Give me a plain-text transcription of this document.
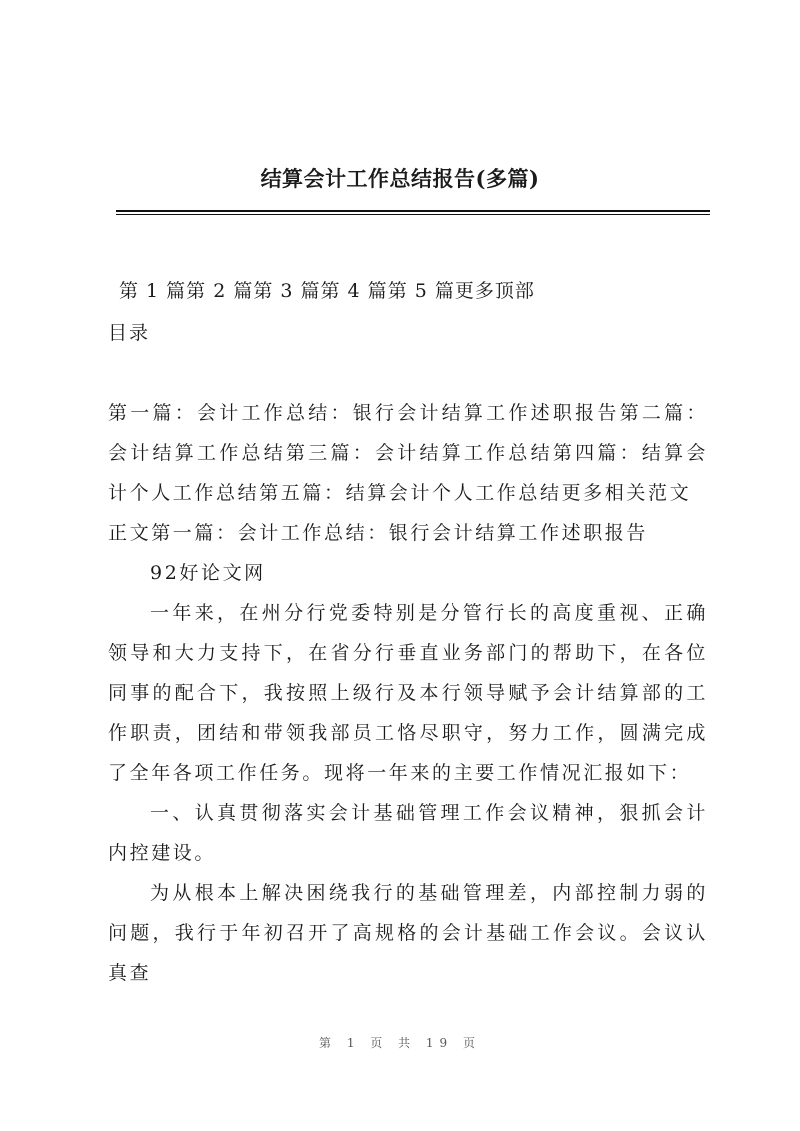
结算会计工作总结报告(多篇)
第 1 篇第 2 篇第 3 篇第 4 篇第 5 篇更多顶部
目录

第一篇：会计工作总结：银行会计结算工作述职报告第二篇：会计结算工作总结第三篇：会计结算工作总结第四篇：结算会计个人工作总结第五篇：结算会计个人工作总结更多相关范文

正文第一篇：会计工作总结：银行会计结算工作述职报告

92好论文网

一年来，在州分行党委特别是分管行长的高度重视、正确领导和大力支持下，在省分行垂直业务部门的帮助下，在各位同事的配合下，我按照上级行及本行领导赋予会计结算部的工作职责，团结和带领我部员工恪尽职守，努力工作，圆满完成了全年各项工作任务。现将一年来的主要工作情况汇报如下：

一、认真贯彻落实会计基础管理工作会议精神，狠抓会计内控建设。

为从根本上解决困绕我行的基础管理差，内部控制力弱的问题，我行于年初召开了高规格的会计基础工作会议。会议认真查

第 1 页 共 19 页
